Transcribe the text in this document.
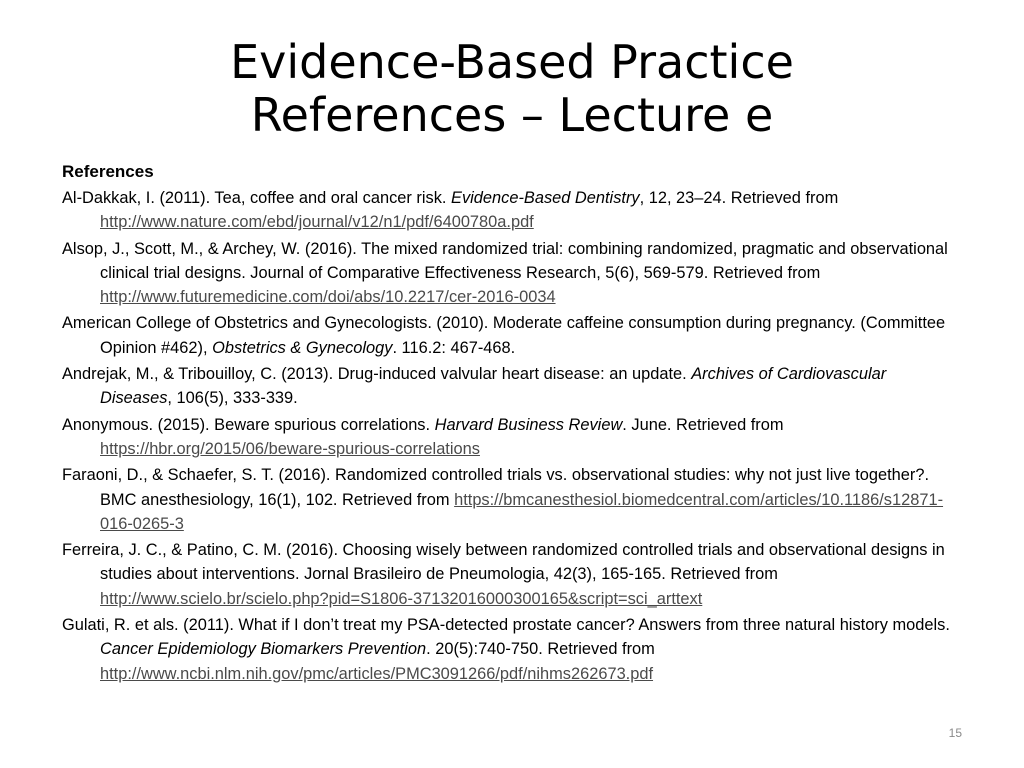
Evidence-Based Practice
References – Lecture e
References
Al-Dakkak, I. (2011). Tea, coffee and oral cancer risk. Evidence-Based Dentistry, 12, 23–24. Retrieved from http://www.nature.com/ebd/journal/v12/n1/pdf/6400780a.pdf
Alsop, J., Scott, M., & Archey, W. (2016). The mixed randomized trial: combining randomized, pragmatic and observational clinical trial designs. Journal of Comparative Effectiveness Research, 5(6), 569-579. Retrieved from http://www.futuremedicine.com/doi/abs/10.2217/cer-2016-0034
American College of Obstetrics and Gynecologists. (2010). Moderate caffeine consumption during pregnancy. (Committee Opinion #462), Obstetrics & Gynecology. 116.2: 467-468.
Andrejak, M., & Tribouilloy, C. (2013). Drug-induced valvular heart disease: an update. Archives of Cardiovascular Diseases, 106(5), 333-339.
Anonymous. (2015). Beware spurious correlations. Harvard Business Review. June. Retrieved from https://hbr.org/2015/06/beware-spurious-correlations
Faraoni, D., & Schaefer, S. T. (2016). Randomized controlled trials vs. observational studies: why not just live together?. BMC anesthesiology, 16(1), 102. Retrieved from https://bmcanesthesiol.biomedcentral.com/articles/10.1186/s12871-016-0265-3
Ferreira, J. C., & Patino, C. M. (2016). Choosing wisely between randomized controlled trials and observational designs in studies about interventions. Jornal Brasileiro de Pneumologia, 42(3), 165-165. Retrieved from http://www.scielo.br/scielo.php?pid=S1806-37132016000300165&script=sci_arttext
Gulati, R. et als. (2011). What if I don’t treat my PSA-detected prostate cancer? Answers from three natural history models. Cancer Epidemiology Biomarkers Prevention. 20(5):740-750. Retrieved from http://www.ncbi.nlm.nih.gov/pmc/articles/PMC3091266/pdf/nihms262673.pdf
15
